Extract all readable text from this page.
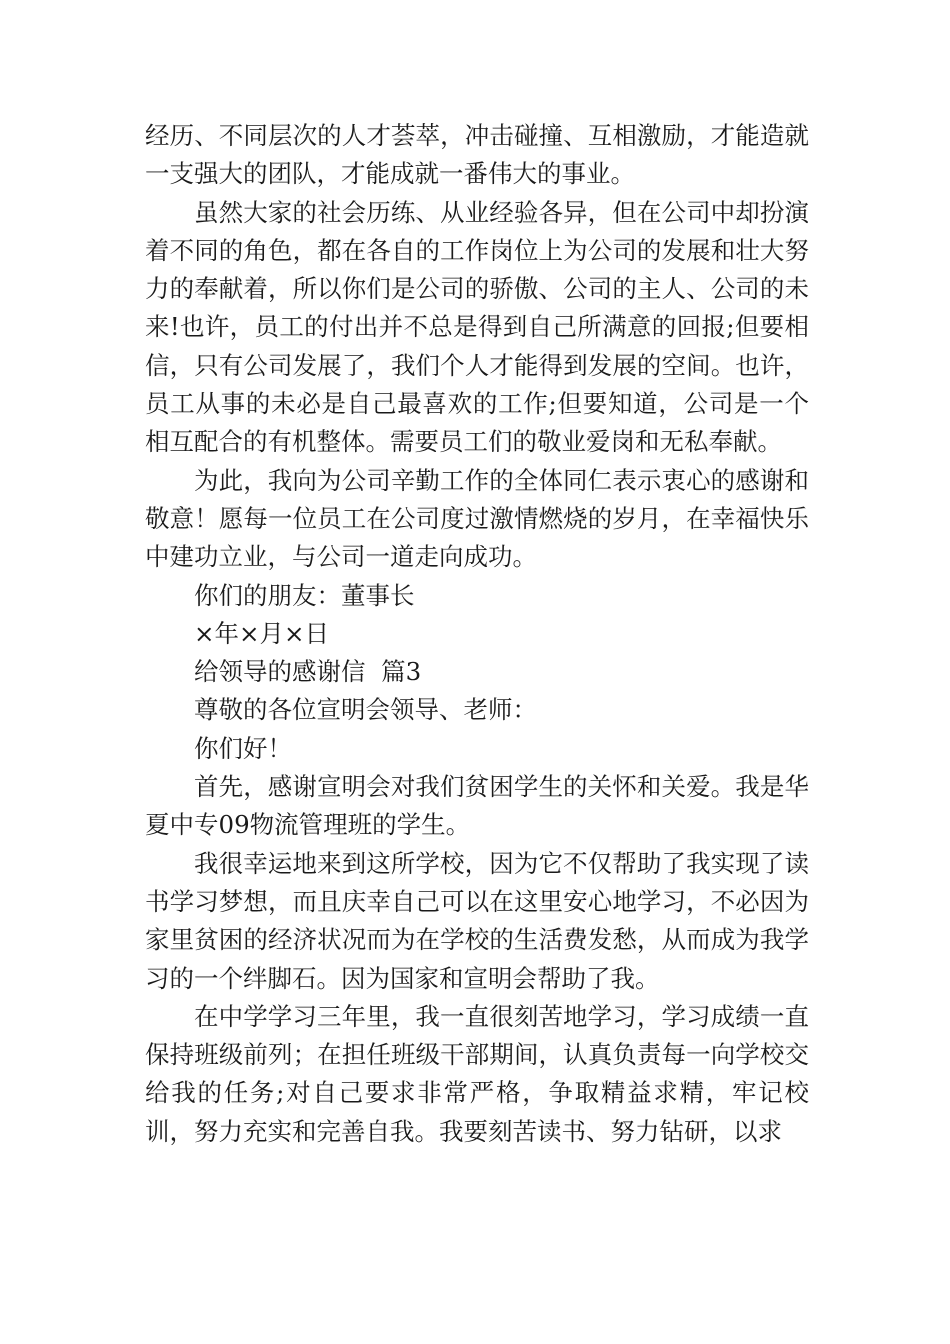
经历、不同层次的人才荟萃，冲击碰撞、互相激励，才能造就一支强大的团队，才能成就一番伟大的事业。

虽然大家的社会历练、从业经验各异，但在公司中却扮演着不同的角色，都在各自的工作岗位上为公司的发展和壮大努力的奉献着，所以你们是公司的骄傲、公司的主人、公司的未来!也许，员工的付出并不总是得到自己所满意的回报;但要相信，只有公司发展了，我们个人才能得到发展的空间。也许，员工从事的未必是自己最喜欢的工作;但要知道，公司是一个相互配合的有机整体。需要员工们的敬业爱岗和无私奉献。

为此，我向为公司辛勤工作的全体同仁表示衷心的感谢和敬意！愿每一位员工在公司度过激情燃烧的岁月，在幸福快乐中建功立业，与公司一道走向成功。

你们的朋友：董事长

×年×月×日

给领导的感谢信  篇3

尊敬的各位宣明会领导、老师：

你们好！

首先，感谢宣明会对我们贫困学生的关怀和关爱。我是华夏中专09物流管理班的学生。

我很幸运地来到这所学校，因为它不仅帮助了我实现了读书学习梦想，而且庆幸自己可以在这里安心地学习，不必因为家里贫困的经济状况而为在学校的生活费发愁，从而成为我学习的一个绊脚石。因为国家和宣明会帮助了我。

在中学学习三年里，我一直很刻苦地学习，学习成绩一直保持班级前列；在担任班级干部期间，认真负责每一向学校交给我的任务;对自己要求非常严格，争取精益求精，牢记校训，努力充实和完善自我。我要刻苦读书、努力钻研，以求
